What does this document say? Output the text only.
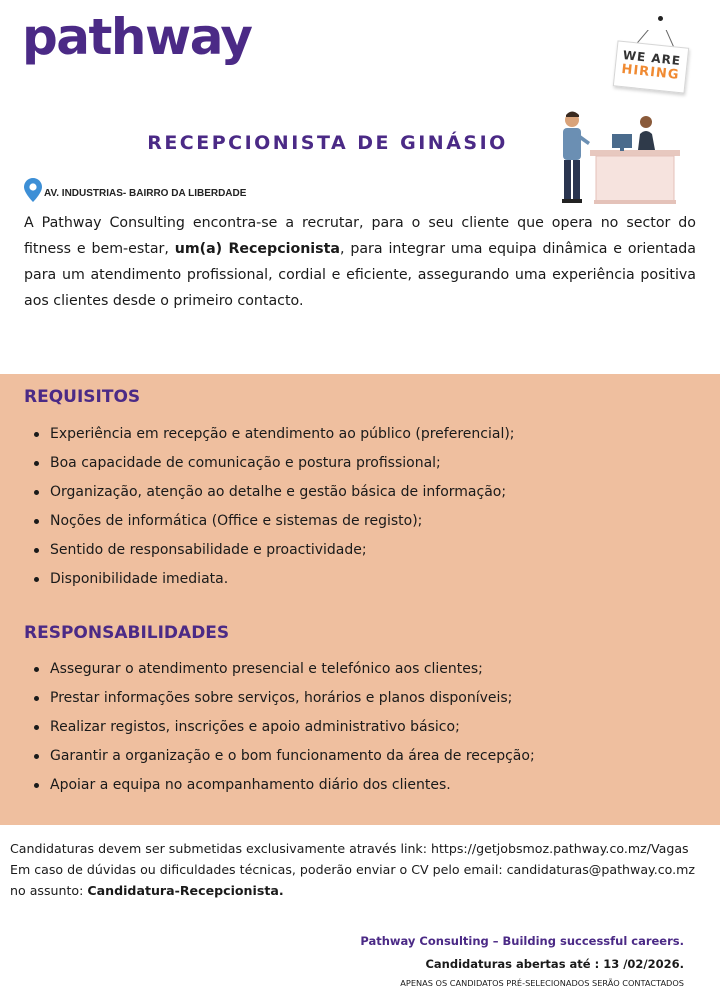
pathway	WE ARE
HIRING
RECEPCIONISTA DE GINÁSIO
AV. INDUSTRIAS- BAIRRO DA LIBERDADE

A Pathway Consulting encontra-se a recrutar, para o seu cliente que opera no sector do fitness e bem-estar, um(a) Recepcionista, para integrar uma equipa dinâmica e orientada para um atendimento profissional, cordial e eficiente, assegurando uma experiência positiva aos clientes desde o primeiro contacto.

REQUISITOS
Experiência em recepção e atendimento ao público (preferencial);
Boa capacidade de comunicação e postura profissional;
Organização, atenção ao detalhe e gestão básica de informação;
Noções de informática (Office e sistemas de registo);
Sentido de responsabilidade e proactividade;
Disponibilidade imediata.
RESPONSABILIDADES
Assegurar o atendimento presencial e telefónico aos clientes;
Prestar informações sobre serviços, horários e planos disponíveis;
Realizar registos, inscrições e apoio administrativo básico;
Garantir a organização e o bom funcionamento da área de recepção;
Apoiar a equipa no acompanhamento diário dos clientes.

Candidaturas devem ser submetidas exclusivamente através link: https://getjobsmoz.pathway.co.mz/Vagas

Em caso de dúvidas ou dificuldades técnicas, poderão enviar o CV pelo email: candidaturas@pathway.co.mz no assunto: Candidatura-Recepcionista.

Pathway Consulting – Building successful careers.

Candidaturas abertas até : 13 /02/2026.

APENAS OS CANDIDATOS PRÉ-SELECIONADOS SERÃO CONTACTADOS
